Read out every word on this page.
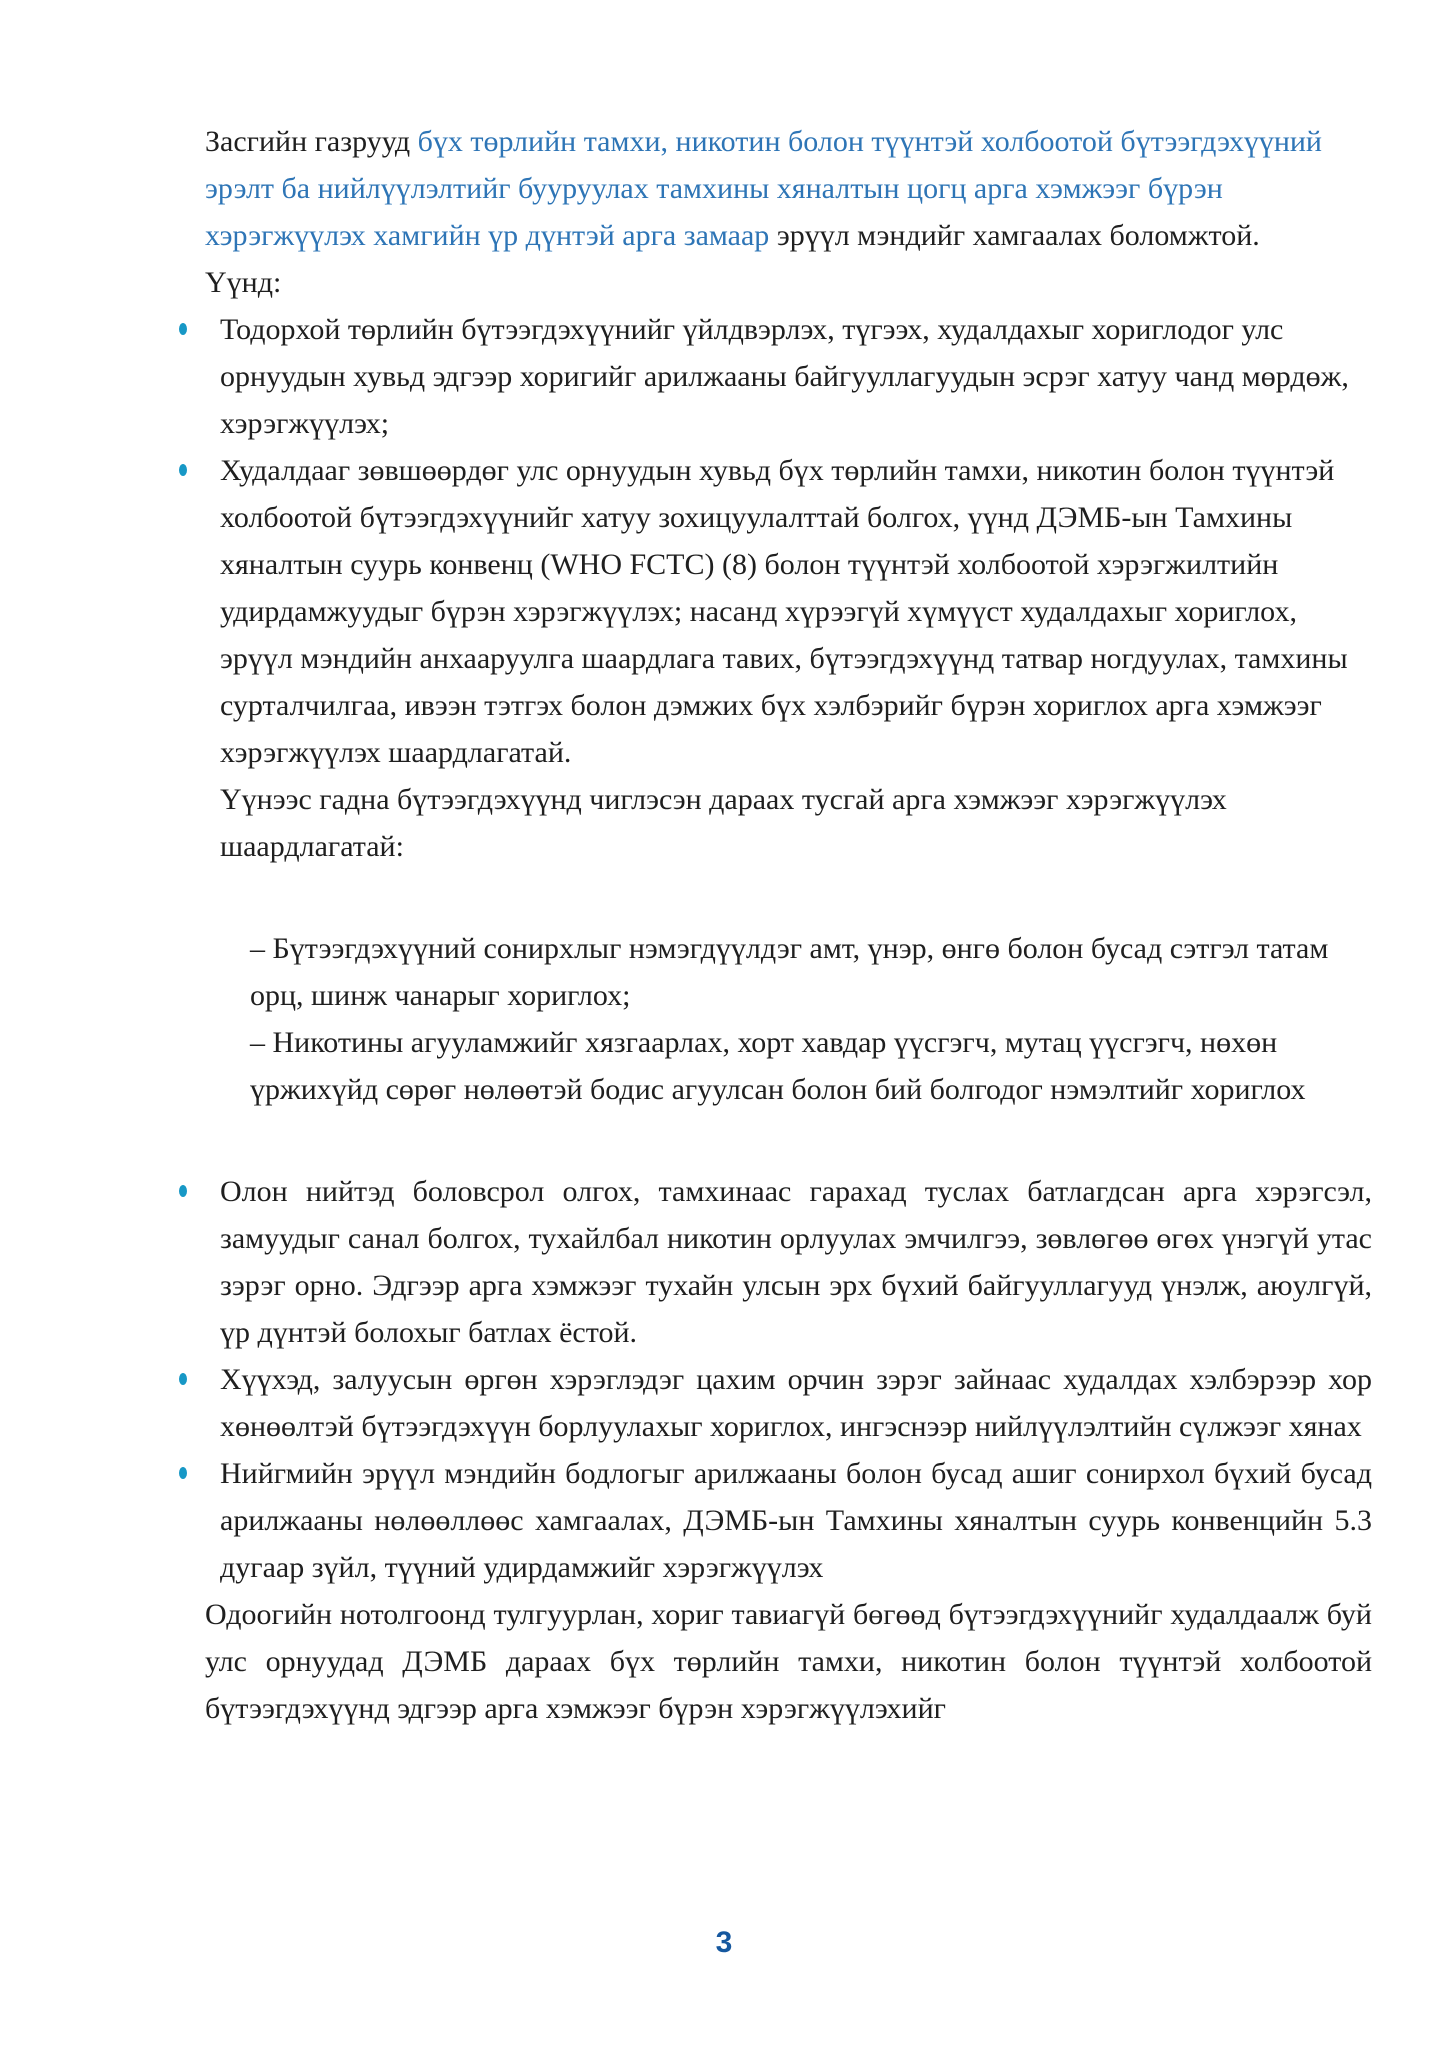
Засгийн газрууд бүх төрлийн тамхи, никотин болон түүнтэй холбоотой бүтээгдэхүүний эрэлт ба нийлүүлэлтийг бууруулах тамхины хяналтын цогц арга хэмжээг бүрэн хэрэгжүүлэх хамгийн үр дүнтэй арга замаар эрүүл мэндийг хамгаалах боломжтой.

Үүнд:

Тодорхой төрлийн бүтээгдэхүүнийг үйлдвэрлэх, түгээх, худалдахыг хориглодог улс орнуудын хувьд эдгээр хоригийг арилжааны байгууллагуудын эсрэг хатуу чанд мөрдөж, хэрэгжүүлэх;

Худалдааг зөвшөөрдөг улс орнуудын хувьд бүх төрлийн тамхи, никотин болон түүнтэй холбоотой бүтээгдэхүүнийг хатуу зохицуулалттай болгох, үүнд ДЭМБ-ын Тамхины хяналтын суурь конвенц (WHO FCTC) (8) болон түүнтэй холбоотой хэрэгжилтийн удирдамжуудыг бүрэн хэрэгжүүлэх; насанд хүрээгүй хүмүүст худалдахыг хориглох, эрүүл мэндийн анхааруулга шаардлага тавих, бүтээгдэхүүнд татвар ногдуулах, тамхины сурталчилгаа, ивээн тэтгэх болон дэмжих бүх хэлбэрийг бүрэн хориглох арга хэмжээг хэрэгжүүлэх шаардлагатай.

Үүнээс гадна бүтээгдэхүүнд чиглэсэн дараах тусгай арга хэмжээг хэрэгжүүлэх шаардлагатай:

– Бүтээгдэхүүний сонирхлыг нэмэгдүүлдэг амт, үнэр, өнгө болон бусад сэтгэл татам орц, шинж чанарыг хориглох;

– Никотины агууламжийг хязгаарлах, хорт хавдар үүсгэгч, мутац үүсгэгч, нөхөн үржихүйд сөрөг нөлөөтэй бодис агуулсан болон бий болгодог нэмэлтийг хориглох

Олон нийтэд боловсрол олгох, тамхинаас гарахад туслах батлагдсан арга хэрэгсэл, замуудыг санал болгох, тухайлбал никотин орлуулах эмчилгээ, зөвлөгөө өгөх үнэгүй утас зэрэг орно. Эдгээр арга хэмжээг тухайн улсын эрх бүхий байгууллагууд үнэлж, аюулгүй, үр дүнтэй болохыг батлах ёстой.

Хүүхэд, залуусын өргөн хэрэглэдэг цахим орчин зэрэг зайнаас худалдах хэлбэрээр хор хөнөөлтэй бүтээгдэхүүн борлуулахыг хориглох, ингэснээр нийлүүлэлтийн сүлжээг хянах

Нийгмийн эрүүл мэндийн бодлогыг арилжааны болон бусад ашиг сонирхол бүхий бусад арилжааны нөлөөллөөс хамгаалах, ДЭМБ-ын Тамхины хяналтын суурь конвенцийн 5.3 дугаар зүйл, түүний удирдамжийг хэрэгжүүлэх

Одоогийн нотолгоонд тулгуурлан, хориг тавиагүй бөгөөд бүтээгдэхүүнийг худалдаалж буй улс орнуудад ДЭМБ дараах бүх төрлийн тамхи, никотин болон түүнтэй холбоотой бүтээгдэхүүнд эдгээр арга хэмжээг бүрэн хэрэгжүүлэхийг

3
